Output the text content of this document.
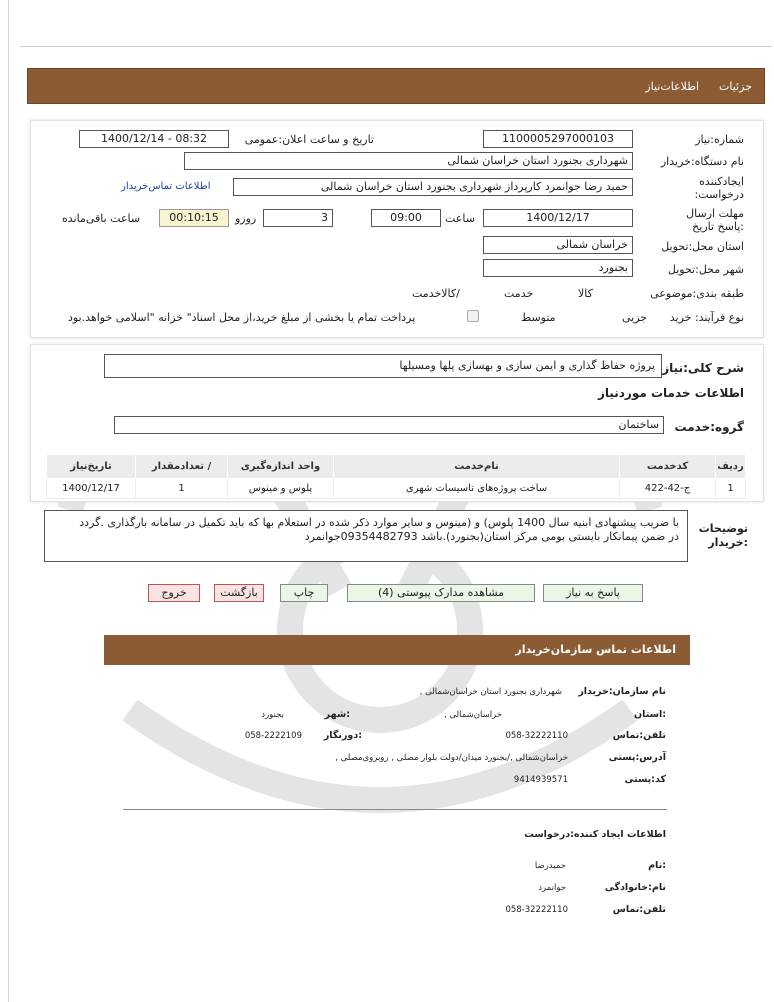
جزئیات
اطلاعات‌نیاز
شماره:نیاز
1100005297000103
تاریخ و ساعت اعلان:عمومی
1400/12/14 - 08:32
نام دستگاه:خریدار
شهرداری بجنورد استان خراسان شمالی
ایجادکننده درخواست:
حمید رضا جوانمرد کارپرداز شهرداری بجنورد استان خراسان شمالی
اطلاعات تماس‌خریدار
مهلت ارسال :پاسخ تاریخ
1400/12/17
ساعت
09:00
3
روزو
00:10:15
ساعت باقی‌مانده
استان محل:تحویل
خراسان شمالی
شهر محل:تحویل
بجنورد
طبقه بندی:موضوعی

کالا

خدمت

/کالاخدمت
نوع فرآیند: خرید

جزیی
متوسط
پرداخت تمام یا بخشی از مبلغ خرید،از محل اسناد" خزانه "اسلامی خواهد.بود
شرح کلی:نیاز
پروژه حفاظ گذاری و ایمن سازی و بهسازی پلها ومسیلها
اطلاعات خدمات موردنیاز
گروه:خدمت
ساختمان
ردیف	کدخدمت	نام‌خدمت	واحد اندازه‌گیری	/ تعدادمقدار	تاریخ‌نیاز
1	ج-42-422	ساخت پروژه‌های تاسیسات شهری	پلوس و مینوس	1	1400/12/17
توضیحات :خریدار
با ضریب پیشنهادی ابنیه سال 1400 پلوس) و (مینوس و سایر موارد ذکر شده در استعلام بها که باید تکمیل در سامانه بارگذاری .گردد
در ضمن پیمانکار بایستی بومی مرکز استان(بجنورد).باشد 09354482793جوانمرد
پاسخ به نیاز
مشاهده مدارک پیوستی (4)
چاپ
بازگشت
خروج
اطلاعات تماس سازمان‌خریدار
نام سازمان:خریدار
شهرداری بجنورد استان خراسان‌شمالی ,
:استان
خراسان‌شمالی ,
:شهر
بجنورد
تلفن:تماس
058-32222110
:دورنگار
058-2222109
آدرس:پستی
خراسان‌شمالی ,/بجنورد میدان/دولت بلوار مصلی , روبروی‌مصلی ,
کد:پستی
9414939571
اطلاعات ایجاد کننده:درخواست
:نام
حمیدرضا
نام:خانوادگی
جوانمرد
تلفن:تماس
058-32222110
